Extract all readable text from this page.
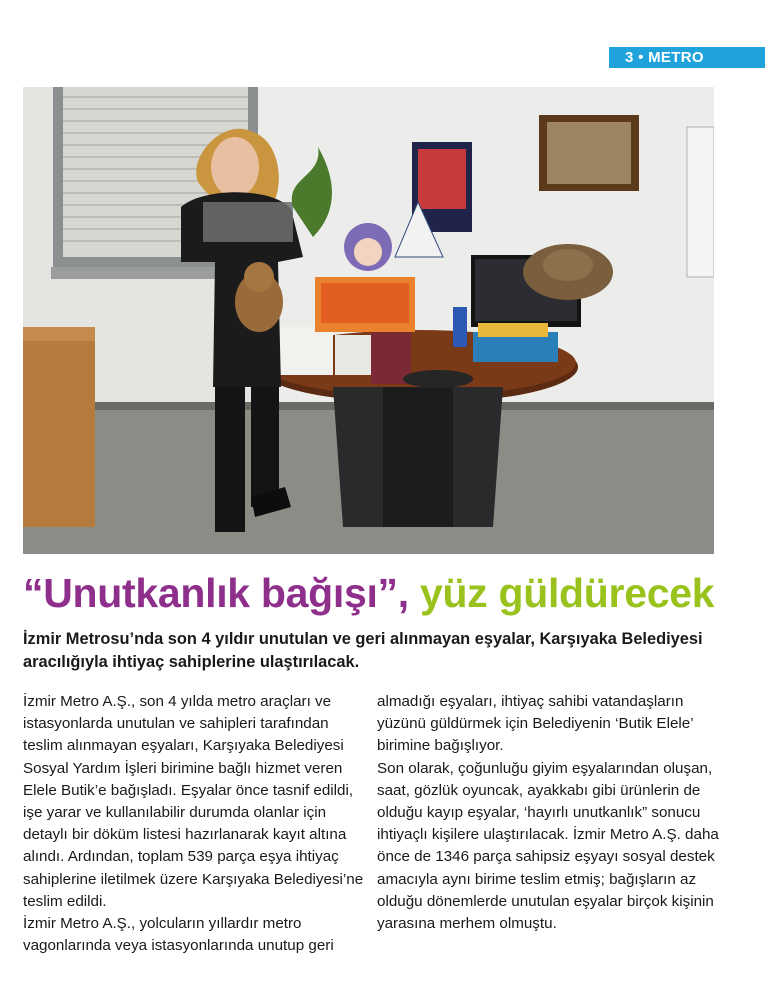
3 • METRO
“Unutkanlık bağışı”, yüz güldürecek

İzmir Metrosu’nda son 4 yıldır unutulan ve geri alınmayan eşyalar, Karşıyaka Belediyesi aracılığıyla ihtiyaç sahiplerine ulaştırılacak.

İzmir Metro A.Ş., son 4 yılda metro araçları ve istasyonlarda unutulan ve sahipleri tarafından teslim alınmayan eşyaları, Karşıyaka Belediyesi Sosyal Yardım İşleri birimine bağlı hizmet veren Elele Butik’e bağışladı. Eşyalar önce tasnif edildi, işe yarar ve kullanılabilir durumda olanlar için detaylı bir döküm listesi hazırlanarak kayıt altına alındı. Ardından, toplam 539 parça eşya ihtiyaç sahiplerine iletilmek üzere Karşıyaka Belediyesi’ne teslim edildi.

İzmir Metro A.Ş., yolcuların yıllardır metro vagonlarında veya istasyonlarında unutup geri

almadığı eşyaları, ihtiyaç sahibi vatandaşların yüzünü güldürmek için Belediyenin ‘Butik Elele’ birimine bağışlıyor.

Son olarak, çoğunluğu giyim eşyalarından oluşan, saat, gözlük oyuncak, ayakkabı gibi ürünlerin de olduğu kayıp eşyalar, ‘hayırlı unutkanlık” sonucu ihtiyaçlı kişilere ulaştırılacak. İzmir Metro A.Ş. daha önce de 1346 parça sahipsiz eşyayı sosyal destek amacıyla aynı birime teslim etmiş; bağışların az olduğu dönemlerde unutulan eşyalar birçok kişinin yarasına merhem olmuştu.
